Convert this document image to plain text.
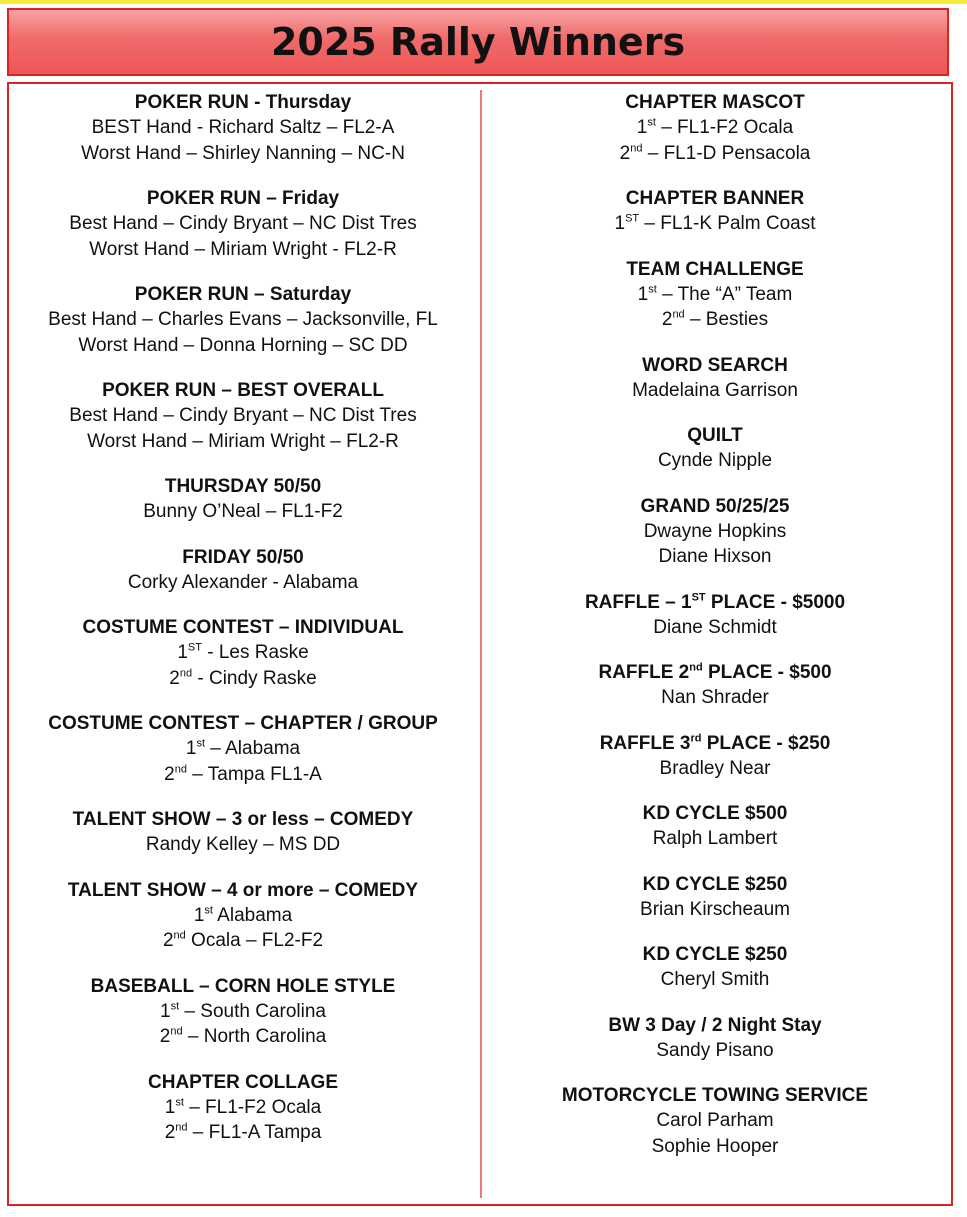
2025 Rally Winners
POKER RUN - Thursday
BEST Hand - Richard Saltz – FL2-A
Worst Hand – Shirley Nanning – NC-N
POKER RUN – Friday
Best Hand – Cindy Bryant – NC Dist Tres
Worst Hand – Miriam Wright - FL2-R
POKER RUN – Saturday
Best Hand – Charles Evans – Jacksonville, FL
Worst Hand – Donna Horning – SC DD
POKER RUN – BEST OVERALL
Best Hand – Cindy Bryant – NC Dist Tres
Worst Hand – Miriam Wright – FL2-R
THURSDAY 50/50
Bunny O’Neal – FL1-F2
FRIDAY 50/50
Corky Alexander - Alabama
COSTUME CONTEST – INDIVIDUAL
1ST - Les Raske
2nd - Cindy Raske
COSTUME CONTEST – CHAPTER / GROUP
1st – Alabama
2nd – Tampa FL1-A
TALENT SHOW – 3 or less – COMEDY
Randy Kelley – MS DD
TALENT SHOW – 4 or more – COMEDY
1st Alabama
2nd Ocala – FL2-F2
BASEBALL – CORN HOLE STYLE
1st – South Carolina
2nd – North Carolina
CHAPTER COLLAGE
1st – FL1-F2 Ocala
2nd – FL1-A Tampa
CHAPTER MASCOT
1st – FL1-F2 Ocala
2nd – FL1-D Pensacola
CHAPTER BANNER
1ST – FL1-K Palm Coast
TEAM CHALLENGE
1st – The “A” Team
2nd – Besties
WORD SEARCH
Madelaina Garrison
QUILT
Cynde Nipple
GRAND 50/25/25
Dwayne Hopkins
Diane Hixson
RAFFLE – 1ST PLACE - $5000
Diane Schmidt
RAFFLE 2nd PLACE - $500
Nan Shrader
RAFFLE 3rd PLACE - $250
Bradley Near
KD CYCLE $500
Ralph Lambert
KD CYCLE $250
Brian Kirscheaum
KD CYCLE $250
Cheryl Smith
BW 3 Day / 2 Night Stay
Sandy Pisano
MOTORCYCLE TOWING SERVICE
Carol Parham
Sophie Hooper
